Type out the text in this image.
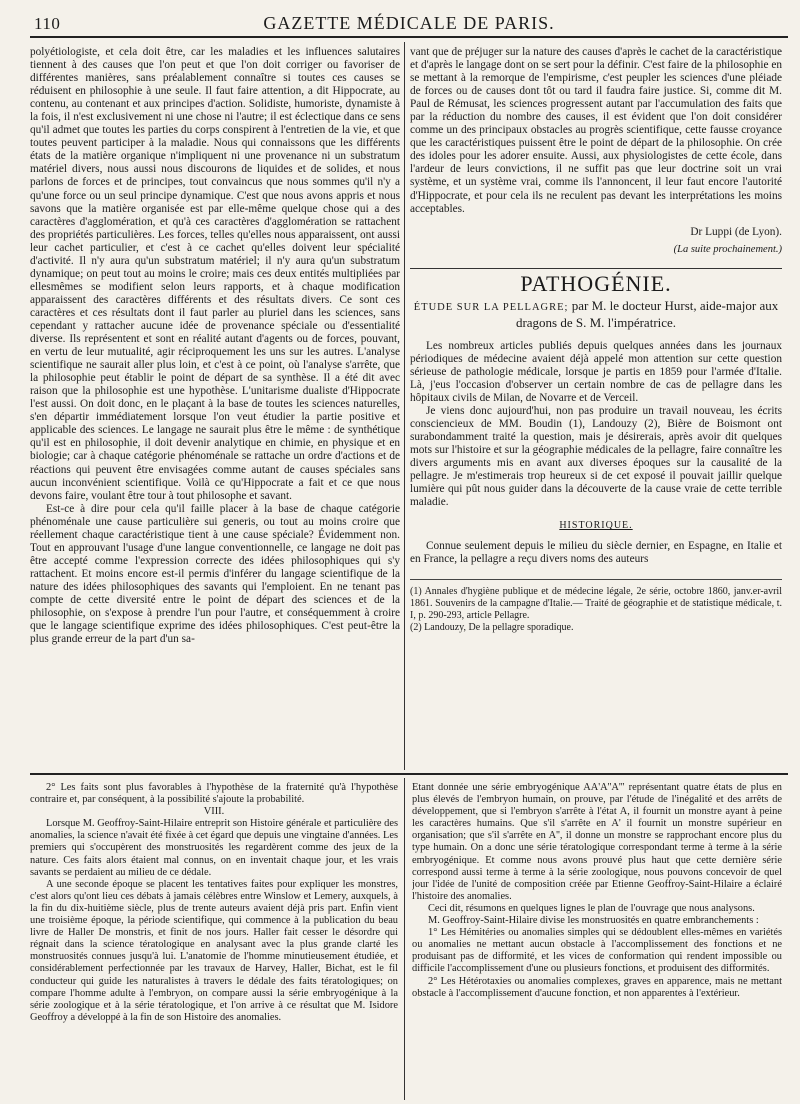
110	GAZETTE MÉDICALE DE PARIS.

polyétiologiste, et cela doit être, car les maladies et les influences salutaires tiennent à des causes que l'on peut et que l'on doit corriger ou favoriser de différentes manières, sans préalablement connaître si toutes ces causes se réduisent en philosophie à une seule. Il faut faire attention, a dit Hippocrate, au contenu, au contenant et aux principes d'action. Solidiste, humoriste, dynamiste à la fois, il n'est exclusivement ni une chose ni l'autre; il est éclectique dans ce sens qu'il admet que toutes les parties du corps conspirent à l'entretien de la vie, et que toutes peuvent participer à la maladie. Nous qui connaissons que les différents états de la matière organique n'impliquent ni une provenance ni un substratum matériel divers, nous aussi nous discourons de liquides et de solides, et nous parlons de forces et de principes, tout convaincus que nous sommes qu'il n'y a qu'une force ou un seul principe dynamique. C'est que nous avons appris et nous savons que la matière organisée est par elle-même quelque chose qui a des caractères d'agglomération, et qu'à ces caractères d'agglomération se rattachent des propriétés particulières. Les forces, telles qu'elles nous apparaissent, ont aussi leur cachet particulier, et c'est à ce cachet qu'elles doivent leur spécialité d'activité. Il n'y aura qu'un substratum matériel; il n'y aura qu'un substratum dynamique; on peut tout au moins le croire; mais ces deux entités multipliées par ellesmêmes se modifient selon leurs rapports, et à chaque modification apparaissent des caractères différents et des résultats divers. Ce sont ces caractères et ces résultats dont il faut parler au pluriel dans les sciences, sans cependant y rattacher aucune idée de provenance spéciale ou d'essentialité diverse. Ils représentent et sont en réalité autant d'agents ou de forces, pouvant, en vertu de leur mutualité, agir réciproquement les uns sur les autres. L'analyse scientifique ne saurait aller plus loin, et c'est à ce point, où l'analyse s'arrête, que la philosophie peut établir le point de départ de sa synthèse. Il a été dit avec raison que la philosophie est une hypothèse. L'unitarisme dualiste d'Hippocrate l'est aussi. On doit donc, en le plaçant à la base de toutes les sciences naturelles, s'en départir immédiatement lorsque l'on veut étudier la partie positive et applicable des sciences. Le langage ne saurait plus être le même : de synthétique qu'il est en philosophie, il doit devenir analytique en chimie, en physique et en biologie; car à chaque catégorie phénoménale se rattache un ordre d'actions et de réactions qui peuvent être envisagées comme autant de causes spéciales sans aucun inconvénient scientifique. Voilà ce qu'Hippocrate a fait et ce que nous devons faire, voulant être tour à tout philosophe et savant.

Est-ce à dire pour cela qu'il faille placer à la base de chaque catégorie phénoménale une cause particulière sui generis, ou tout au moins croire que réellement chaque caractéristique tient à une cause spéciale? Évidemment non. Tout en approuvant l'usage d'une langue conventionnelle, ce langage ne doit pas être accepté comme l'expression correcte des idées philosophiques qui s'y rattachent. Et moins encore est-il permis d'inférer du langage scientifique de la nature des idées philosophiques des savants qui l'emploient. En ne tenant pas compte de cette diversité entre le point de départ des sciences et de la philosophie, on s'expose à prendre l'un pour l'autre, et conséquemment à croire que le langage scientifique exprime des idées philosophiques. C'est peut-être la plus grande erreur de la part d'un sa-

vant que de préjuger sur la nature des causes d'après le cachet de la caractéristique et d'après le langage dont on se sert pour la définir. C'est faire de la philosophie en se mettant à la remorque de l'empirisme, c'est peupler les sciences d'une pléiade de forces ou de causes dont tôt ou tard il faudra faire justice. Si, comme dit M. Paul de Rémusat, les sciences progressent autant par l'accumulation des faits que par la réduction du nombre des causes, il est évident que l'on doit considérer comme un des principaux obstacles au progrès scientifique, cette fausse croyance que les caractéristiques puissent être le point de départ de la philosophie. On crée des idoles pour les adorer ensuite. Aussi, aux physiologistes de cette école, dans l'ardeur de leurs convictions, il ne suffit pas que leur doctrine soit un vrai système, et un système vrai, comme ils l'annoncent, il leur faut encore l'autorité d'Hippocrate, et pour cela ils ne reculent pas devant les interprétations les moins acceptables.

Dr Luppi (de Lyon).
(La suite prochainement.)
PATHOGÉNIE.
ÉTUDE SUR LA PELLAGRE; par M. le docteur Hurst, aide-major aux dragons de S. M. l'impératrice.

Les nombreux articles publiés depuis quelques années dans les journaux périodiques de médecine avaient déjà appelé mon attention sur cette question sérieuse de pathologie médicale, lorsque je partis en 1859 pour l'armée d'Italie. Là, j'eus l'occasion d'observer un certain nombre de cas de pellagre dans les hôpitaux civils de Milan, de Novarre et de Verceil.

Je viens donc aujourd'hui, non pas produire un travail nouveau, les écrits consciencieux de MM. Boudin (1), Landouzy (2), Bière de Boismont ont surabondamment traité la question, mais je désirerais, après avoir dit quelques mots sur l'histoire et sur la géographie médicales de la pellagre, faire connaître les divers arguments mis en avant aux diverses époques sur la causalité de la pellagre. Je m'estimerais trop heureux si de cet exposé il pouvait jaillir quelque lumière qui pût nous guider dans la découverte de la cause vraie de cette terrible maladie.

HISTORIQUE.

Connue seulement depuis le milieu du siècle dernier, en Espagne, en Italie et en France, la pellagre a reçu divers noms des auteurs

(1) Annales d'hygiène publique et de médecine légale, 2e série, octobre 1860, janv.er-avril 1861. Souvenirs de la campagne d'Italie.— Traité de géographie et de statistique médicale, t. I, p. 290-293, article Pellagre.

(2) Landouzy, De la pellagre sporadique.

2° Les faits sont plus favorables à l'hypothèse de la fraternité qu'à l'hypothèse contraire et, par conséquent, à la possibilité s'ajoute la probabilité.

VIII.

Lorsque M. Geoffroy-Saint-Hilaire entreprit son Histoire générale et particulière des anomalies, la science n'avait été fixée à cet égard que depuis une vingtaine d'années. Les premiers qui s'occupèrent des monstruosités les regardèrent comme des jeux de la nature. Ces faits alors étaient mal connus, on en inventait chaque jour, et les vrais savants se perdaient au milieu de ce dédale.

A une seconde époque se placent les tentatives faites pour expliquer les monstres, c'est alors qu'ont lieu ces débats à jamais célèbres entre Winslow et Lemery, auxquels, à la fin du dix-huitième siècle, plus de trente auteurs avaient déjà pris part. Enfin vient une troisième époque, la période scientifique, qui commence à la publication du beau livre de Haller De monstris, et finit de nos jours. Haller fait cesser le désordre qui régnait dans la science tératologique en analysant avec la plus grande clarté les monstruosités connues jusqu'à lui. L'anatomie de l'homme minutieusement étudiée, et considérablement perfectionnée par les travaux de Harvey, Haller, Bichat, est le fil conducteur qui guide les naturalistes à travers le dédale des faits tératologiques; on compare l'homme adulte à l'embryon, on compare aussi la série embryogénique à la série zoologique et à la série tératologique, et l'on arrive à ce résultat que M. Isidore Geoffroy a développé à la fin de son Histoire des anomalies.

Etant donnée une série embryogénique AA'A''A''' représentant quatre états de plus en plus élevés de l'embryon humain, on prouve, par l'étude de l'inégalité et des arrêts de développement, que si l'embryon s'arrête à l'état A, il fournit un monstre ayant à peine les caractères humains. Que s'il s'arrête en A' il fournit un monstre supérieur en organisation; que s'il s'arrête en A'', il donne un monstre se rapprochant encore plus du type humain. On a donc une série tératologique correspondant terme à terme à la série embryogénique. Et comme nous avons prouvé plus haut que cette dernière série correspond aussi terme à terme à la série zoologique, nous pouvons concevoir de quel jour l'idée de l'unité de composition créée par Etienne Geoffroy-Saint-Hilaire a éclairé l'histoire des anomalies.

Ceci dit, résumons en quelques lignes le plan de l'ouvrage que nous analysons.

M. Geoffroy-Saint-Hilaire divise les monstruosités en quatre embranchements :

1° Les Hémitéries ou anomalies simples qui se dédoublent elles-mêmes en variétés ou anomalies ne mettant aucun obstacle à l'accomplissement des fonctions et ne produisant pas de difformité, et les vices de conformation qui rendent impossible ou difficile l'accomplissement d'une ou plusieurs fonctions, et produisent des difformités.

2° Les Hétérotaxies ou anomalies complexes, graves en apparence, mais ne mettant obstacle à l'accomplissement d'aucune fonction, et non apparentes à l'extérieur.
